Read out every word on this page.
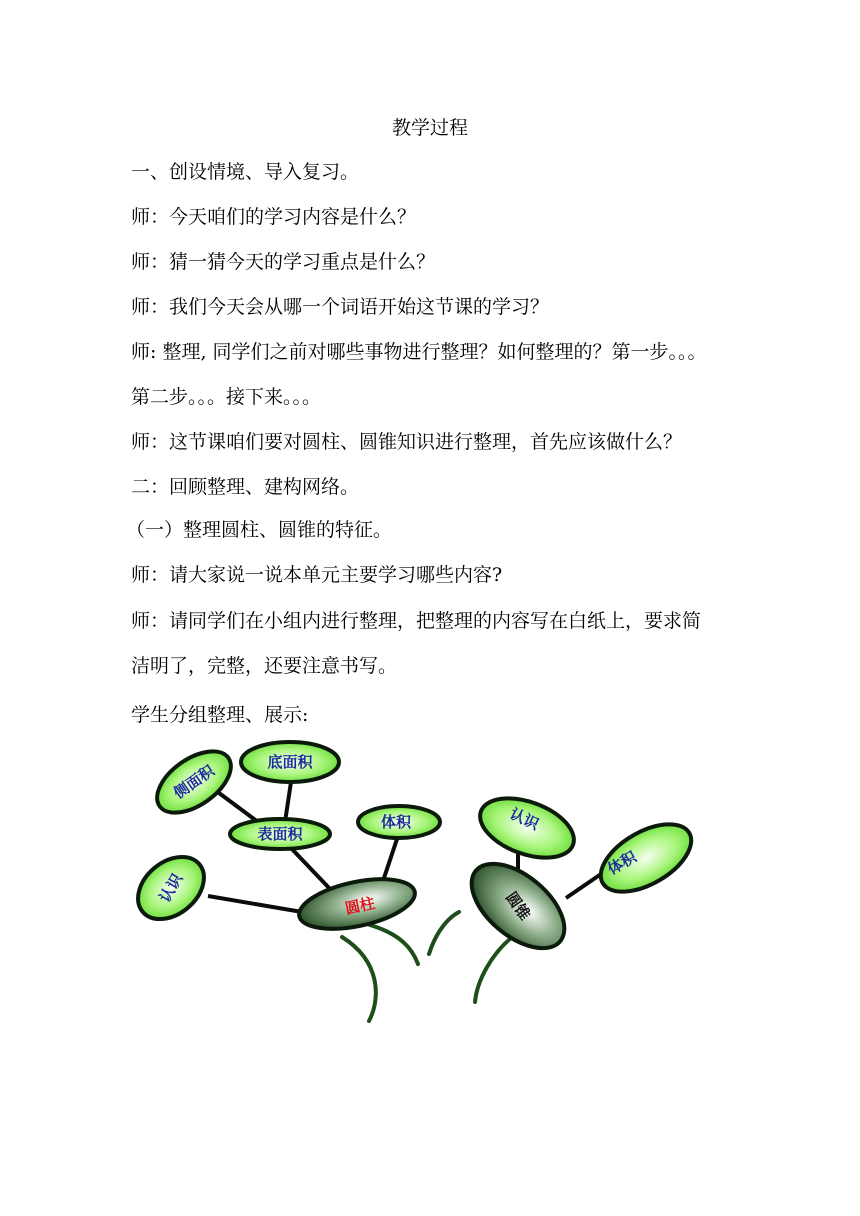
教学过程
一、创设情境、导入复习。
师：今天咱们的学习内容是什么？
师：猜一猜今天的学习重点是什么？
师：我们今天会从哪一个词语开始这节课的学习？
师: 整理, 同学们之前对哪些事物进行整理？如何整理的？第一步。。。
第二步。。。接下来。。。
师：这节课咱们要对圆柱、圆锥知识进行整理，首先应该做什么？
二：回顾整理、建构网络。
（一）整理圆柱、圆锥的特征。
师：请大家说一说本单元主要学习哪些内容?
师：请同学们在小组内进行整理，把整理的内容写在白纸上，要求简
洁明了，完整，还要注意书写。
学生分组整理、展示:
侧面积	底面积
表面积
体积
认识
认识
体积
圆柱	圆锥
